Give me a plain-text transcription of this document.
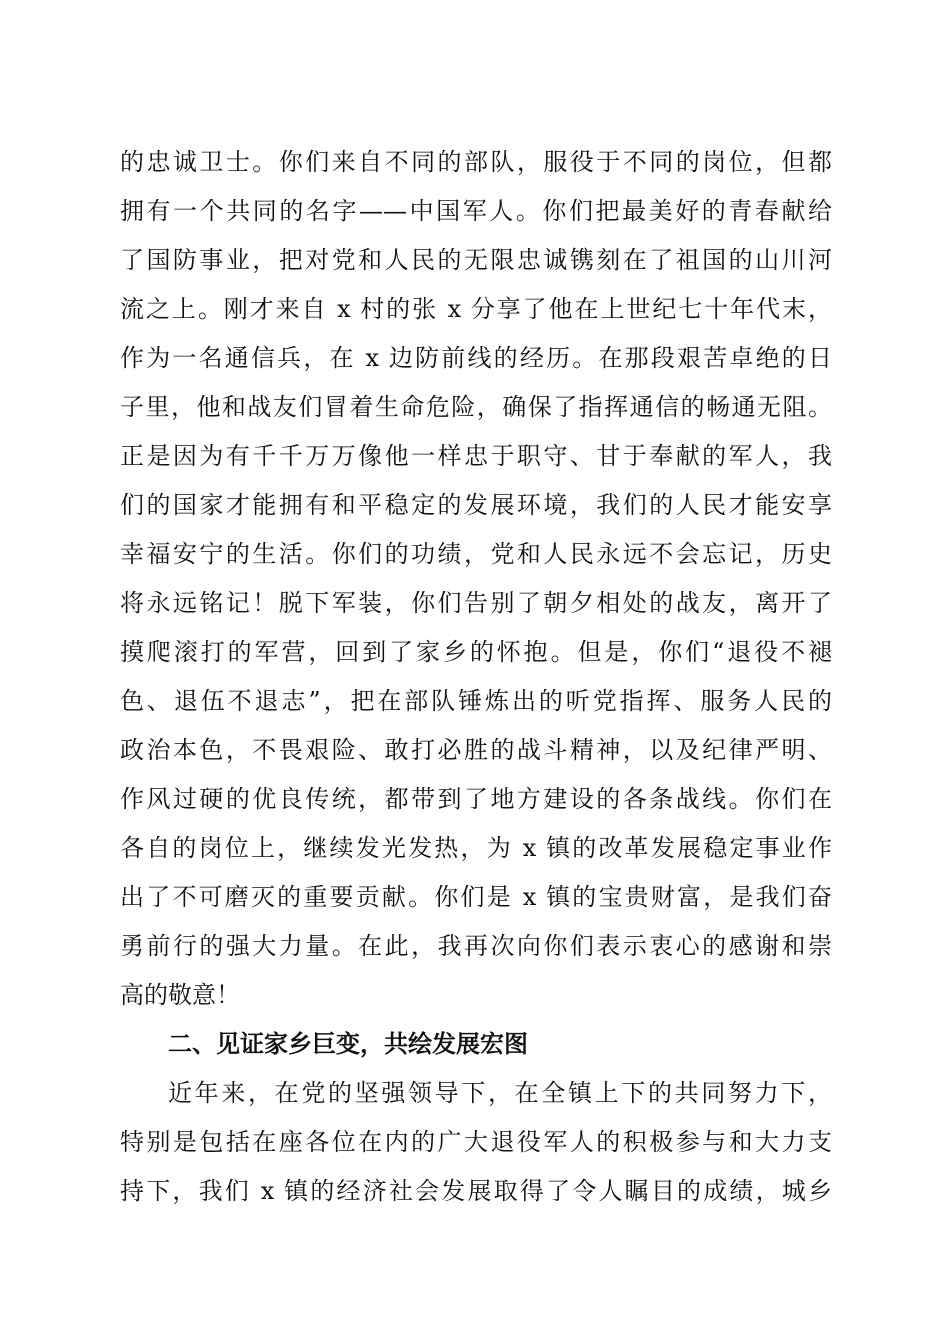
的忠诚卫士。你们来自不同的部队，服役于不同的岗位，但都
拥有一个共同的名字——中国军人。你们把最美好的青春献给
了国防事业，把对党和人民的无限忠诚镌刻在了祖国的山川河
流之上。刚才来自 x 村的张 x 分享了他在上世纪七十年代末，
作为一名通信兵，在 x 边防前线的经历。在那段艰苦卓绝的日
子里，他和战友们冒着生命危险，确保了指挥通信的畅通无阻。
正是因为有千千万万像他一样忠于职守、甘于奉献的军人，我
们的国家才能拥有和平稳定的发展环境，我们的人民才能安享
幸福安宁的生活。你们的功绩，党和人民永远不会忘记，历史
将永远铭记！脱下军装，你们告别了朝夕相处的战友，离开了
摸爬滚打的军营，回到了家乡的怀抱。但是，你们“退役不褪
色、退伍不退志”，把在部队锤炼出的听党指挥、服务人民的
政治本色，不畏艰险、敢打必胜的战斗精神，以及纪律严明、
作风过硬的优良传统，都带到了地方建设的各条战线。你们在
各自的岗位上，继续发光发热，为 x 镇的改革发展稳定事业作
出了不可磨灭的重要贡献。你们是 x 镇的宝贵财富，是我们奋
勇前行的强大力量。在此，我再次向你们表示衷心的感谢和崇
高的敬意！
二、见证家乡巨变，共绘发展宏图
近年来，在党的坚强领导下，在全镇上下的共同努力下，
特别是包括在座各位在内的广大退役军人的积极参与和大力支
持下，我们 x 镇的经济社会发展取得了令人瞩目的成绩，城乡
